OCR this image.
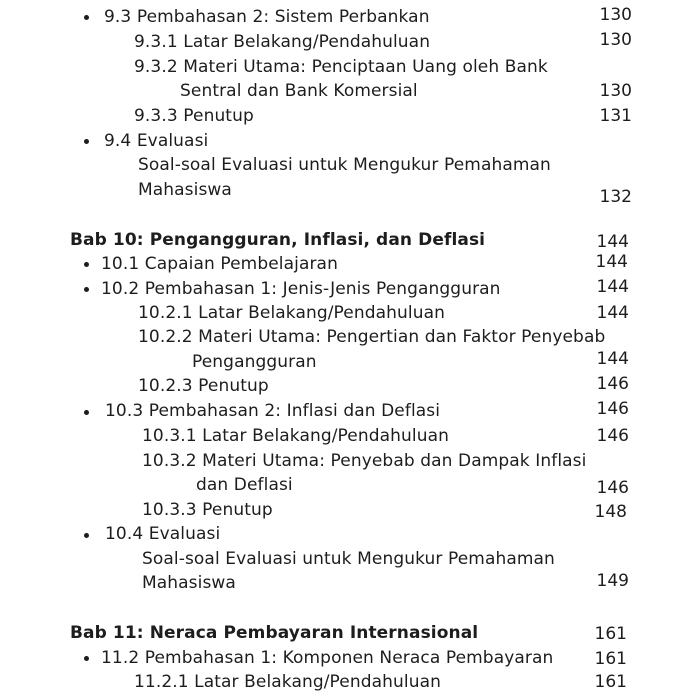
9.3 Pembahasan 2: Sistem Perbankan	130
9.3.1 Latar Belakang/Pendahuluan	130
9.3.2 Materi Utama: Penciptaan Uang oleh Bank
Sentral dan Bank Komersial	130
9.3.3 Penutup	131
9.4 Evaluasi
Soal-soal Evaluasi untuk Mengukur Pemahaman
Mahasiswa	132
Bab 10: Pengangguran, Inflasi, dan Deflasi	144
10.1 Capaian Pembelajaran	144
10.2 Pembahasan 1: Jenis-Jenis Pengangguran	144
10.2.1 Latar Belakang/Pendahuluan	144
10.2.2 Materi Utama: Pengertian dan Faktor Penyebab
Pengangguran	144
10.2.3 Penutup	146
10.3 Pembahasan 2: Inflasi dan Deflasi	146
10.3.1 Latar Belakang/Pendahuluan	146
10.3.2 Materi Utama: Penyebab dan Dampak Inflasi
dan Deflasi	146
10.3.3 Penutup	148
10.4 Evaluasi
Soal-soal Evaluasi untuk Mengukur Pemahaman
Mahasiswa	149
Bab 11: Neraca Pembayaran Internasional	161
11.2 Pembahasan 1: Komponen Neraca Pembayaran 161
11.2.1 Latar Belakang/Pendahuluan	161
